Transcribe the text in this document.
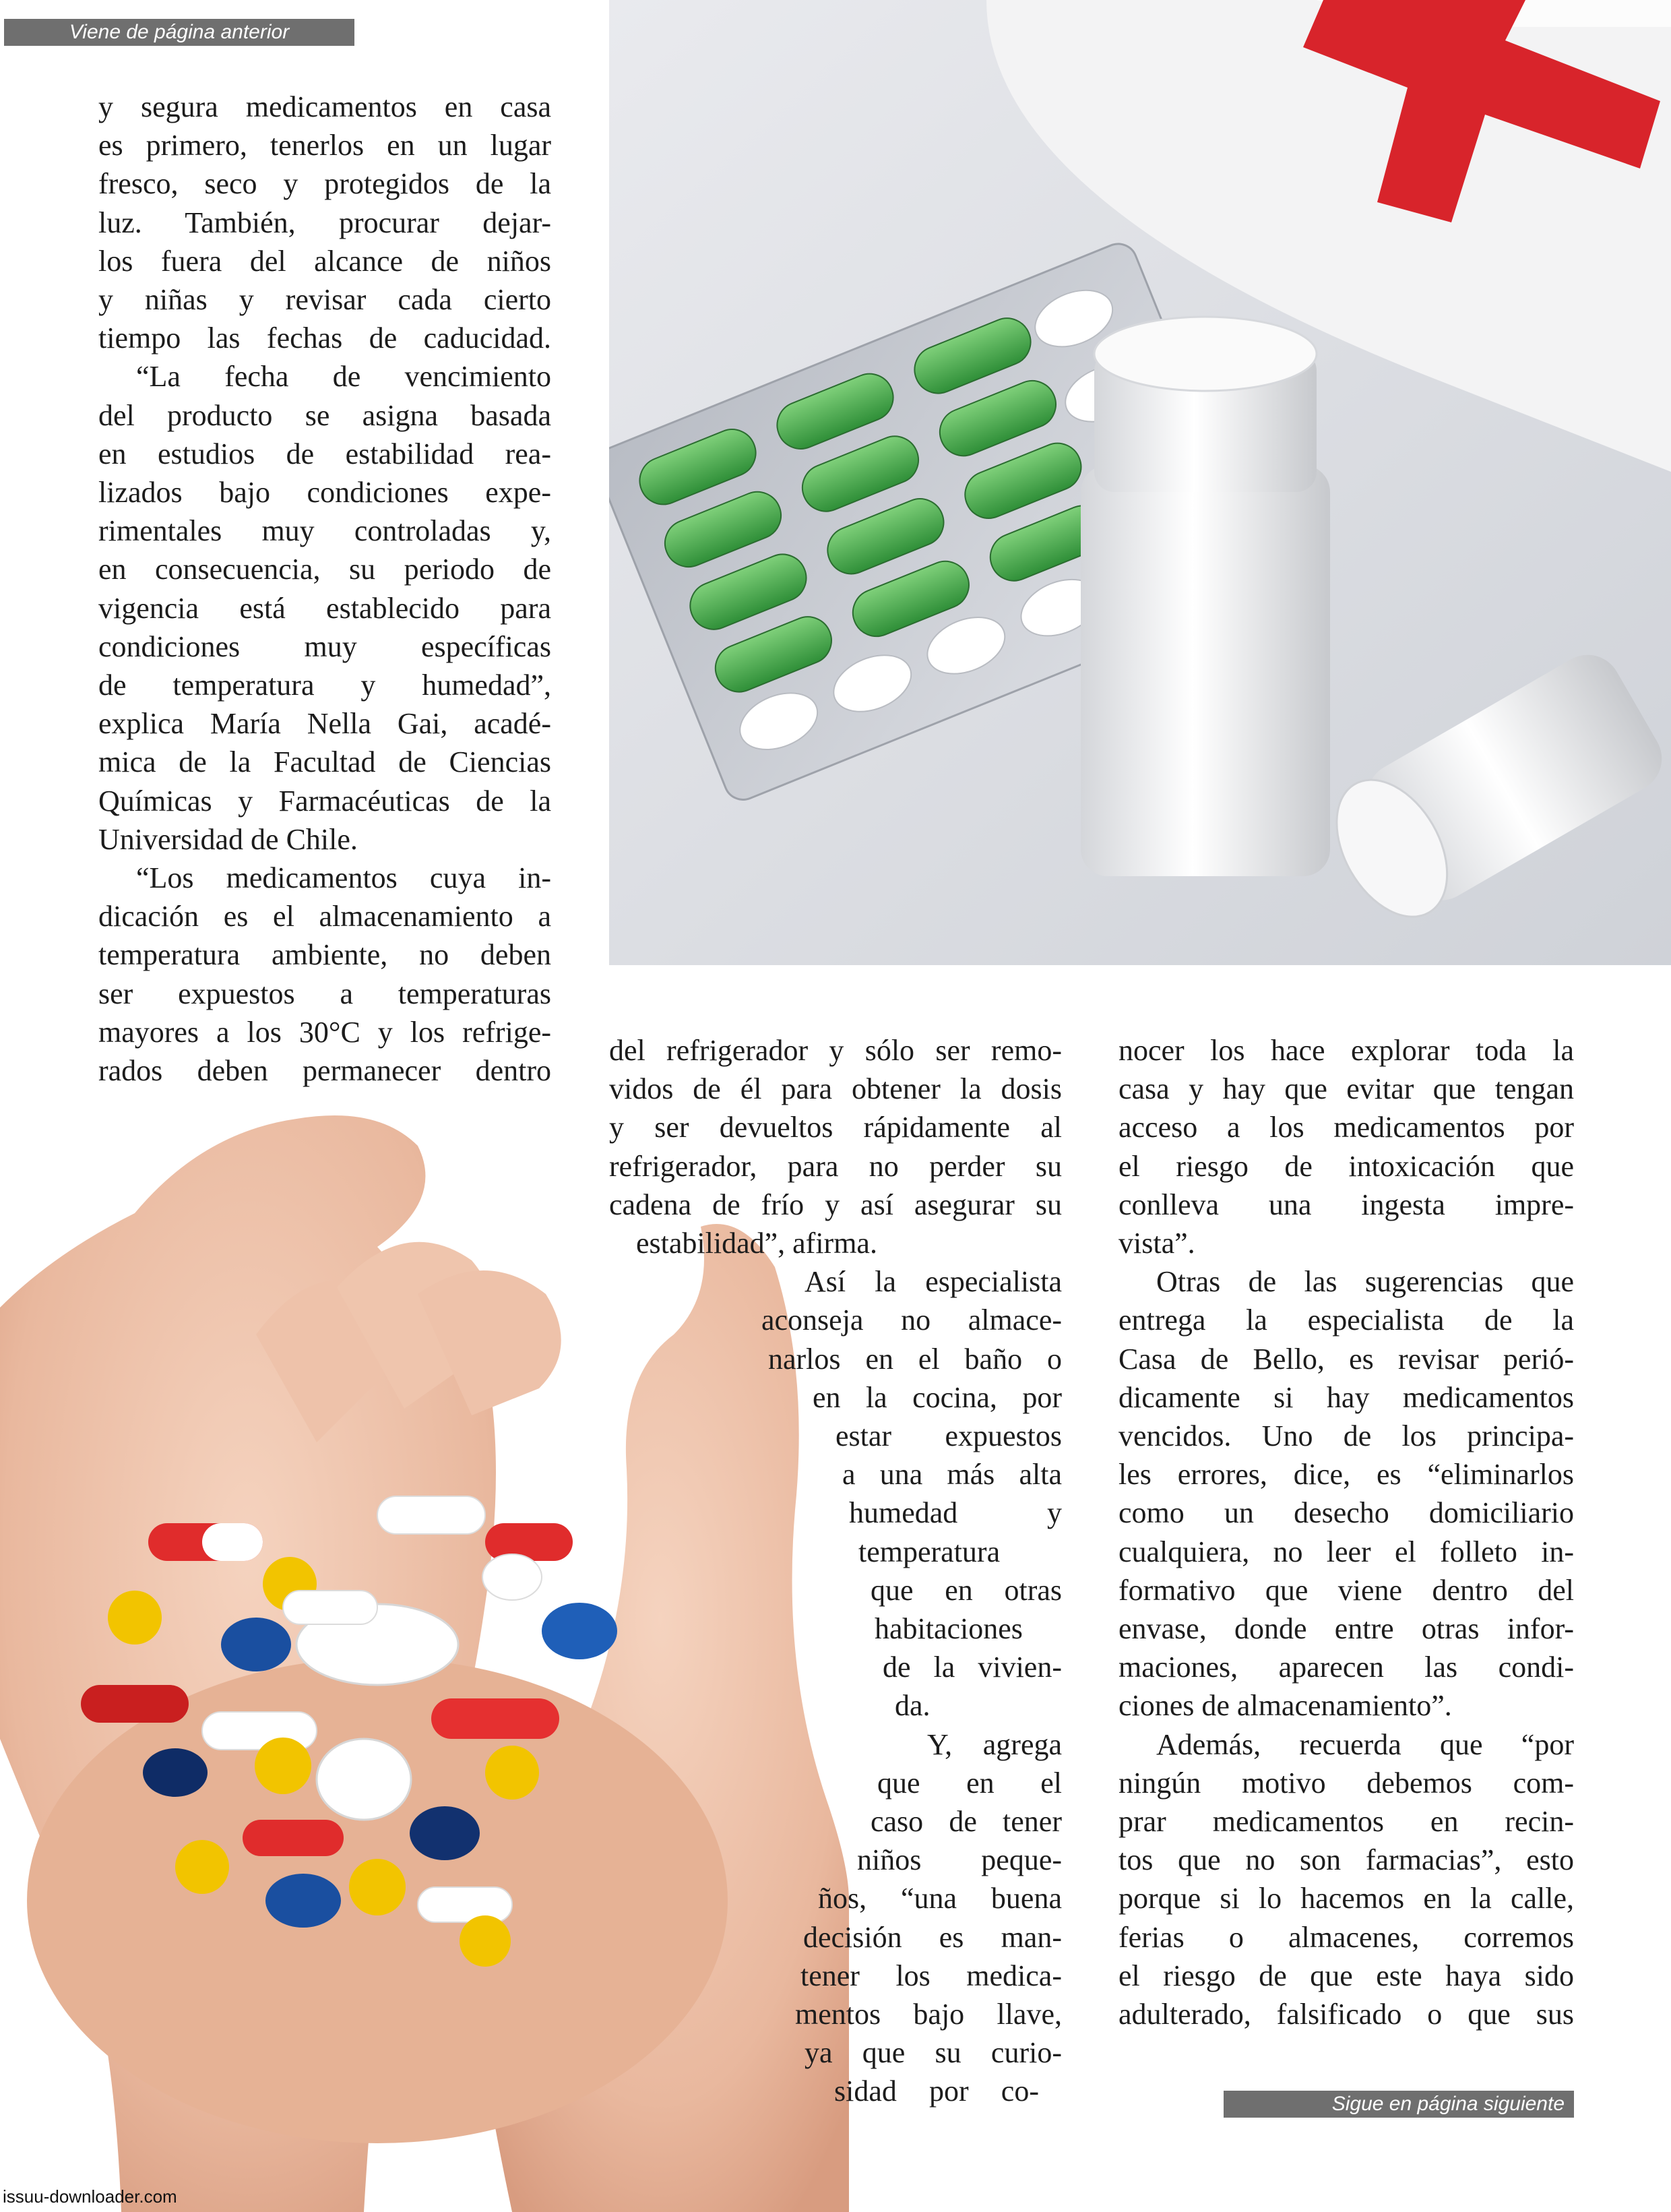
Viene de página anterior

y segura medicamentos en casa
es primero, tenerlos en un lugar
fresco, seco y protegidos de la
luz. También, procurar dejar-
los fuera del alcance de niños
y niñas y revisar cada cierto
tiempo las fechas de caducidad.

“La fecha de vencimiento
del producto se asigna basada
en estudios de estabilidad rea-
lizados bajo condiciones expe-
rimentales muy controladas y,
en consecuencia, su periodo de
vigencia está establecido para
condiciones muy específicas
de temperatura y humedad”,
explica María Nella Gai, acadé-
mica de la Facultad de Ciencias
Químicas y Farmacéuticas de la
Universidad de Chile.

“Los medicamentos cuya in-
dicación es el almacenamiento a
temperatura ambiente, no deben
ser expuestos a temperaturas
mayores a los 30°C y los refrige-
rados deben permanecer dentro

del refrigerador y sólo ser remo-
vidos de él para obtener la dosis
y ser devueltos rápidamente al
refrigerador, para no perder su
cadena de frío y así asegurar su
estabilidad”, afirma.
Así la especialista
aconseja no almace-
narlos en el baño o
en la cocina, por
estar expuestos
a una más alta
humedad y
temperatura
que en otras
habitaciones
de la vivien-
da.
Y, agrega
que en el
caso de tener
niños peque-
ños, “una buena
decisión es man-
tener los medica-
mentos bajo llave,
ya que su curio-
sidad por co-

nocer los hace explorar toda la
casa y hay que evitar que tengan
acceso a los medicamentos por
el riesgo de intoxicación que
conlleva una ingesta impre-
vista”.

Otras de las sugerencias que
entrega la especialista de la
Casa de Bello, es revisar perió-
dicamente si hay medicamentos
vencidos. Uno de los principa-
les errores, dice, es “eliminarlos
como un desecho domiciliario
cualquiera, no leer el folleto in-
formativo que viene dentro del
envase, donde entre otras infor-
maciones, aparecen las condi-
ciones de almacenamiento”.

Además, recuerda que “por
ningún motivo debemos com-
prar medicamentos en recin-
tos que no son farmacias”, esto
porque si lo hacemos en la calle,
ferias o almacenes, corremos
el riesgo de que este haya sido
adulterado, falsificado o que sus

Sigue en página siguiente
issuu-downloader.com
